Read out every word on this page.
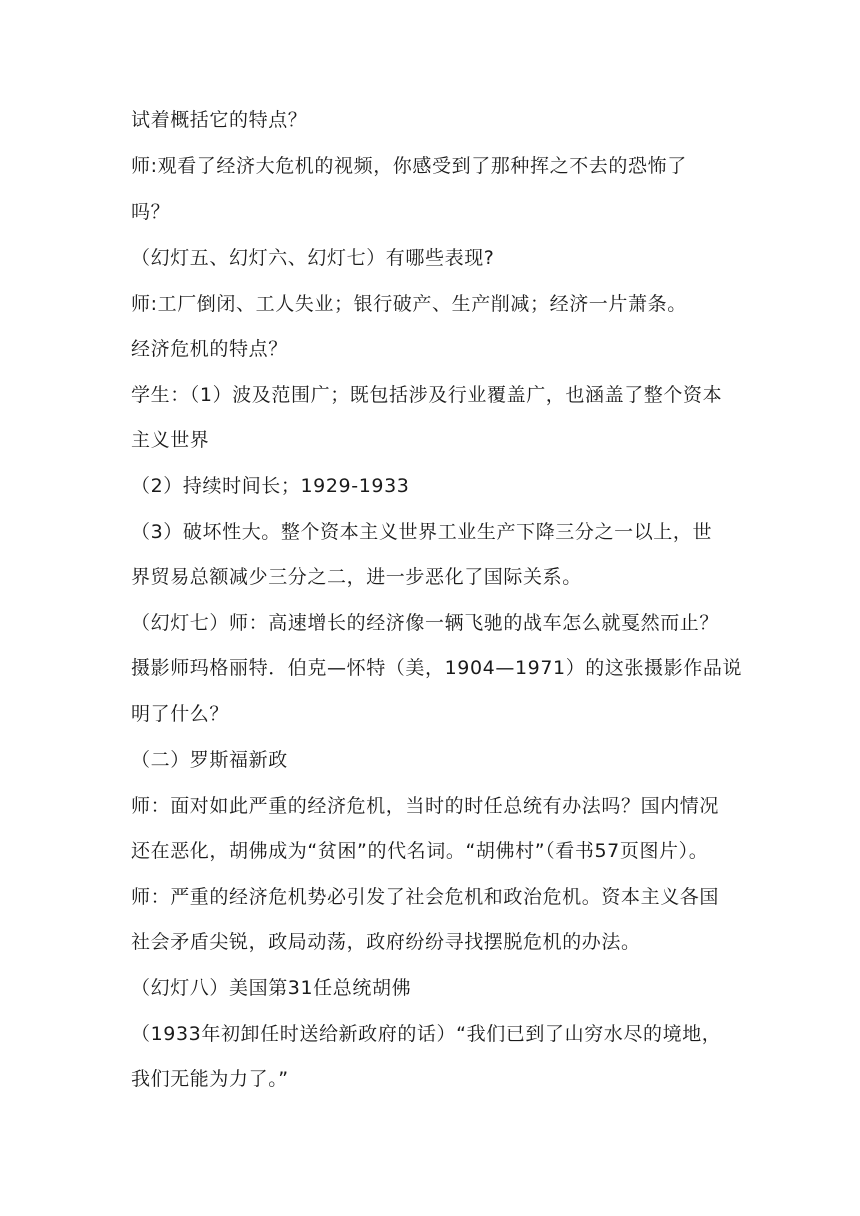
试着概括它的特点？
师:观看了经济大危机的视频，你感受到了那种挥之不去的恐怖了
吗？
（幻灯五、幻灯六、幻灯七）有哪些表现?
师:工厂倒闭、工人失业；银行破产、生产削减；经济一片萧条。
经济危机的特点？
学生：（1）波及范围广；既包括涉及行业覆盖广，也涵盖了整个资本
主义世界
（2）持续时间长；1929-1933
（3）破坏性大。整个资本主义世界工业生产下降三分之一以上，世
界贸易总额减少三分之二，进一步恶化了国际关系。
（幻灯七）师：高速增长的经济像一辆飞驰的战车怎么就戛然而止？
摄影师玛格丽特．伯克—怀特（美，1904—1971）的这张摄影作品说
明了什么？
（二）罗斯福新政
师：面对如此严重的经济危机，当时的时任总统有办法吗？国内情况
还在恶化，胡佛成为“贫困”的代名词。“胡佛村”（看书57页图片）。
师：严重的经济危机势必引发了社会危机和政治危机。资本主义各国
社会矛盾尖锐，政局动荡，政府纷纷寻找摆脱危机的办法。
（幻灯八）美国第31任总统胡佛
（1933年初卸任时送给新政府的话）“我们已到了山穷水尽的境地，
我们无能为力了。”
